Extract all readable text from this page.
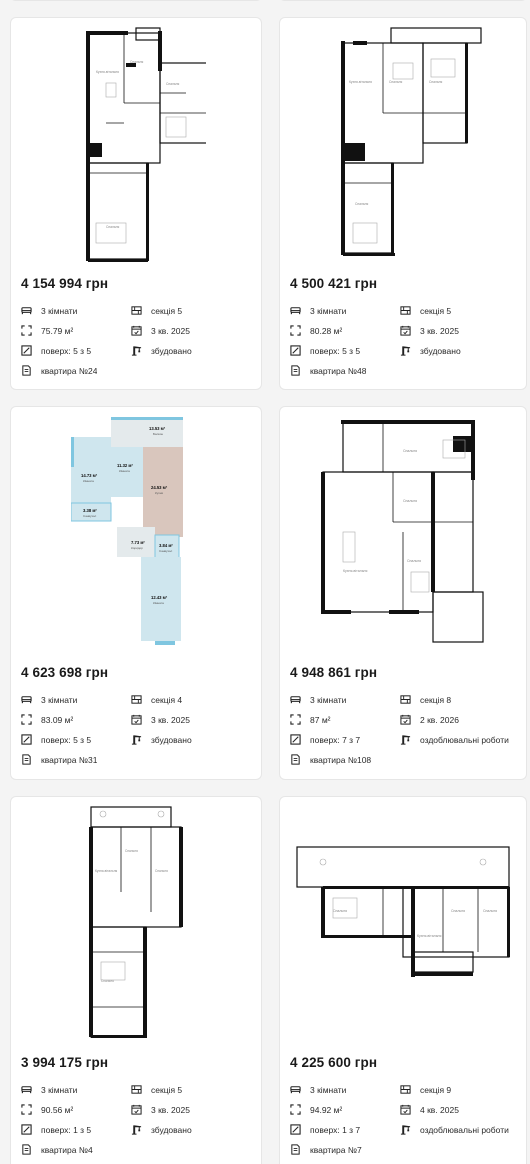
Кухня-вітальня
Спальня
Спальня
Спальня
4 154 994 грн
3 кімнати
75.79 м²
поверх: 5 з 5
квартира №24
секція 5
3 кв. 2025
збудовано
Кухня-вітальня	Спальня	Спальня
Спальня
4 500 421 грн
3 кімнати
80.28 м²
поверх: 5 з 5
квартира №48
секція 5
3 кв. 2025
збудовано
13.53 м²
14.73 м²
11.32 м²
24.53 м²
3.38 м²
7.73 м²
3.84 м²
12.43 м²
Балкон
Кімната
Кімната
Кухня
Санвузол
Коридор
Санвузол
Кімната
4 623 698 грн
3 кімнати
83.09 м²
поверх: 5 з 5
квартира №31
секція 4
3 кв. 2025
збудовано
Спальня
Спальня
Кухня-вітальня
Спальня
4 948 861 грн
3 кімнати
87 м²
поверх: 7 з 7
квартира №108
секція 8
2 кв. 2026
оздоблювальні роботи
Кухня-вітальня
Спальня
Спальня
Спальня
3 994 175 грн
3 кімнати
90.56 м²
поверх: 1 з 5
квартира №4
секція 5
3 кв. 2025
збудовано
Спальня
Кухня-вітальня
Спальня	Спальня
4 225 600 грн
3 кімнати
94.92 м²
поверх: 1 з 7
квартира №7
секція 9
4 кв. 2025
оздоблювальні роботи
